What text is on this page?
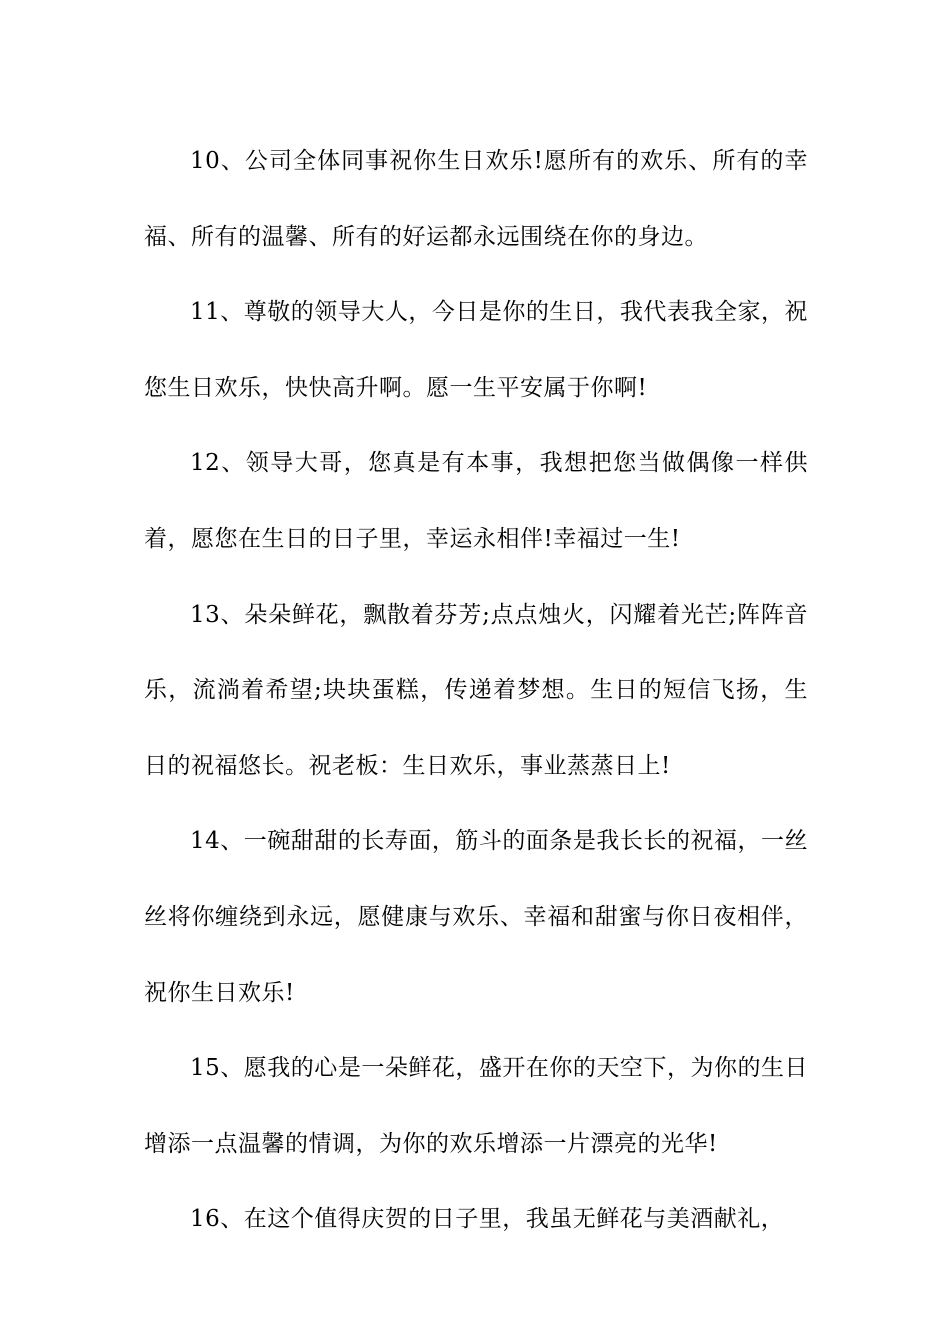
10、公司全体同事祝你生日欢乐!愿所有的欢乐、所有的幸福、所有的温馨、所有的好运都永远围绕在你的身边。

11、尊敬的领导大人，今日是你的生日，我代表我全家，祝您生日欢乐，快快高升啊。愿一生平安属于你啊!

12、领导大哥，您真是有本事，我想把您当做偶像一样供着，愿您在生日的日子里，幸运永相伴!幸福过一生!

13、朵朵鲜花，飘散着芬芳;点点烛火，闪耀着光芒;阵阵音乐，流淌着希望;块块蛋糕，传递着梦想。生日的短信飞扬，生日的祝福悠长。祝老板：生日欢乐，事业蒸蒸日上!

14、一碗甜甜的长寿面，筋斗的面条是我长长的祝福，一丝丝将你缠绕到永远，愿健康与欢乐、幸福和甜蜜与你日夜相伴，祝你生日欢乐!

15、愿我的心是一朵鲜花，盛开在你的天空下，为你的生日增添一点温馨的情调，为你的欢乐增添一片漂亮的光华!

16、在这个值得庆贺的日子里，我虽无鲜花与美酒献礼，
